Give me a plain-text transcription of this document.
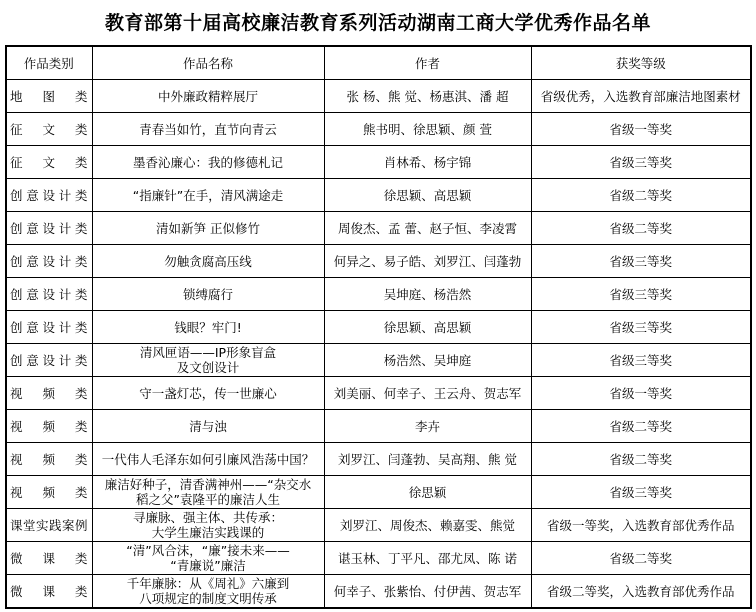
教育部第十届高校廉洁教育系列活动湖南工商大学优秀作品名单
作品类别	作品名称	作者	获奖等级
地图类	中外廉政精粹展厅	张 杨、熊 觉、杨惠淇、潘 超	省级优秀，入选教育部廉洁地图素材
征文类	青春当如竹，直节向青云	熊书明、徐思颖、颜 萱	省级一等奖
征文类	墨香沁廉心：我的修德札记	肖林希、杨宇锦	省级三等奖
创意设计类	“指廉针”在手，清风满途走	徐思颖、高思颖	省级二等奖
创意设计类	清如新笋 正似修竹	周俊杰、孟 蕾、赵子恒、李凌霄	省级二等奖
创意设计类	勿触贪腐高压线	何异之、易子皓、刘罗江、闫蓬勃	省级三等奖
创意设计类	锁缚腐行	吴坤庭、杨浩然	省级三等奖
创意设计类	钱眼？牢门!	徐思颖、高思颖	省级三等奖
创意设计类	清风匣语——IP形象盲盒
及文创设计	杨浩然、吴坤庭	省级三等奖
视频类	守一盏灯芯，传一世廉心	刘美丽、何幸子、王云舟、贺志军	省级一等奖
视频类	清与浊	李卉	省级二等奖
视频类	一代伟人毛泽东如何引廉风浩荡中国？	刘罗江、闫蓬勃、吴高翔、熊 觉	省级二等奖
视频类	廉洁好种子，清香满神州——“杂交水
稻之父”袁隆平的廉洁人生	徐思颖	省级三等奖
课堂实践案例	寻廉脉、强主体、共传承：
大学生廉洁实践课的	刘罗江、周俊杰、赖嘉雯、熊觉	省级一等奖，入选教育部优秀作品
微课类	“清”风合沫，“廉”接未来——
“青廉说”廉洁	谌玉林、丁平凡、邵尤凤、陈 诺	省级二等奖
微课类	千年廉脉：从《周礼》六廉到
八项规定的制度文明传承	何幸子、张紫怡、付伊茜、贺志军	省级二等奖，入选教育部优秀作品
